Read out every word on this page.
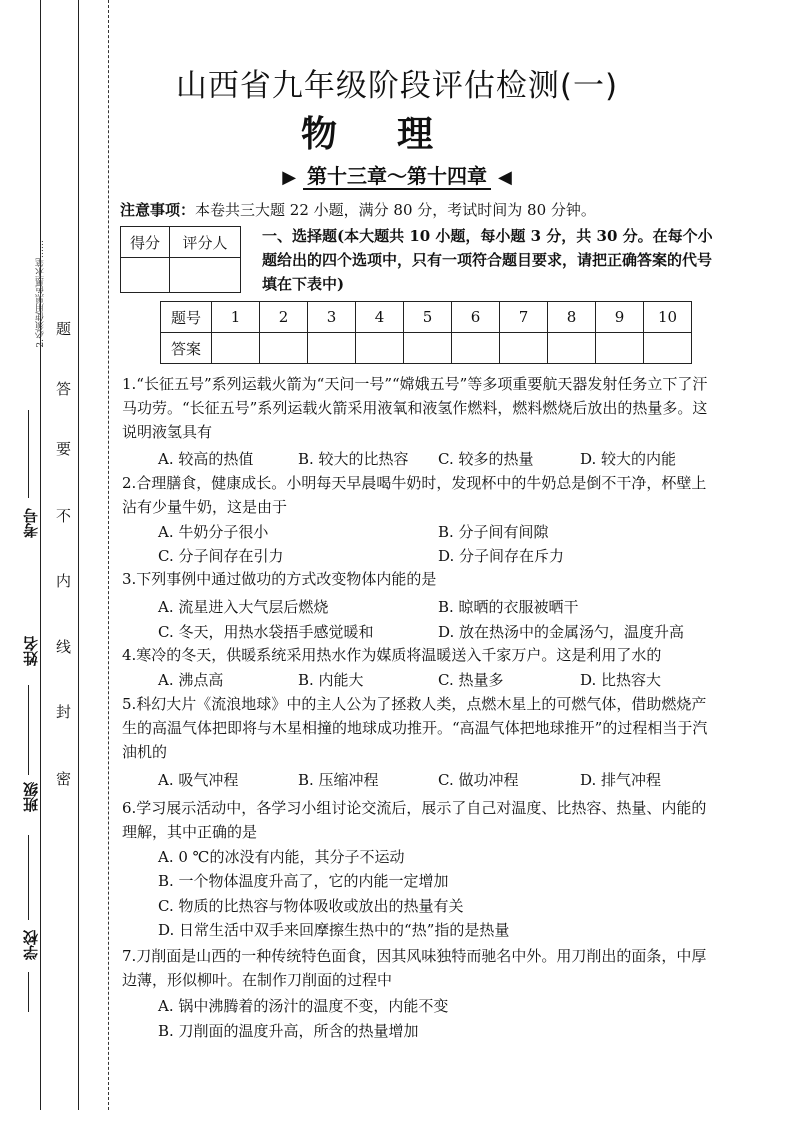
题
答
要
不
内
线
封
密
2.必须使用黑色墨水笔……
考号
姓名
班级
学校
山西省九年级阶段评估检测(一)
物理
▶ 第十三章～第十四章 ◀
注意事项：本卷共三大题 22 小题，满分 80 分，考试时间为 80 分钟。
得分	评分人
	一、选择题(本大题共 10 小题，每小题 3 分，共 30 分。在每个小题给出的四个选项中，只有一项符合题目要求，请把正确答案的代号填在下表中)
题号	1	2	3	4	5	6	7	8	9	10
答案										
1.“长征五号”系列运载火箭为“天问一号”“嫦娥五号”等多项重要航天器发射任务立下了汗马功劳。“长征五号”系列运载火箭采用液氧和液氢作燃料，燃料燃烧后放出的热量多。这说明液氢具有
A. 较高的热值	B. 较大的比热容 C. 较多的热量	D. 较大的内能
2.合理膳食，健康成长。小明每天早晨喝牛奶时，发现杯中的牛奶总是倒不干净，杯壁上沾有少量牛奶，这是由于
A. 牛奶分子很小	B. 分子间有间隙
C. 分子间存在引力	D. 分子间存在斥力
3.下列事例中通过做功的方式改变物体内能的是
A. 流星进入大气层后燃烧	B. 晾晒的衣服被晒干
C. 冬天，用热水袋捂手感觉暖和	D. 放在热汤中的金属汤勺，温度升高
4.寒冷的冬天，供暖系统采用热水作为媒质将温暖送入千家万户。这是利用了水的
A. 沸点高	B. 内能大	C. 热量多	D. 比热容大
5.科幻大片《流浪地球》中的主人公为了拯救人类，点燃木星上的可燃气体，借助燃烧产生的高温气体把即将与木星相撞的地球成功推开。“高温气体把地球推开”的过程相当于汽油机的
A. 吸气冲程	B. 压缩冲程	C. 做功冲程	D. 排气冲程
6.学习展示活动中，各学习小组讨论交流后，展示了自己对温度、比热容、热量、内能的理解，其中正确的是
A. 0 ℃的冰没有内能，其分子不运动
B. 一个物体温度升高了，它的内能一定增加
C. 物质的比热容与物体吸收或放出的热量有关
D. 日常生活中双手来回摩擦生热中的“热”指的是热量
7.刀削面是山西的一种传统特色面食，因其风味独特而驰名中外。用刀削出的面条，中厚边薄，形似柳叶。在制作刀削面的过程中
A. 锅中沸腾着的汤汁的温度不变，内能不变
B. 刀削面的温度升高，所含的热量增加
